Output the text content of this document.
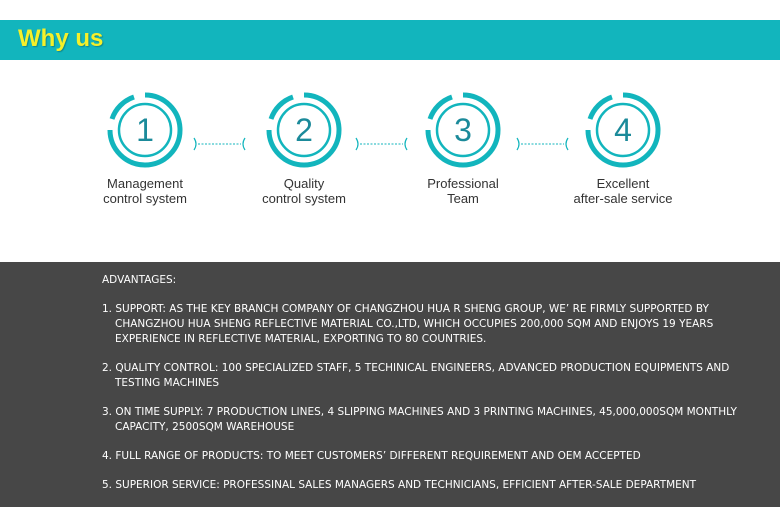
Why us
1
Management
control system
2
Quality
control system
3
Professional
Team
4
Excellent
after-sale service
ADVANTAGES:
1. SUPPORT: AS THE KEY BRANCH COMPANY OF CHANGZHOU HUA R SHENG GROUP, WE’ RE FIRMLY SUPPORTED BY CHANGZHOU HUA SHENG REFLECTIVE MATERIAL CO.,LTD, WHICH OCCUPIES 200,000 SQM AND ENJOYS 19 YEARS EXPERIENCE IN REFLECTIVE MATERIAL, EXPORTING TO 80 COUNTRIES.
2. QUALITY CONTROL: 100 SPECIALIZED STAFF, 5 TECHINICAL ENGINEERS, ADVANCED PRODUCTION EQUIPMENTS AND TESTING MACHINES
3. ON TIME SUPPLY: 7 PRODUCTION LINES, 4 SLIPPING MACHINES AND 3 PRINTING MACHINES, 45,000,000SQM MONTHLY CAPACITY, 2500SQM WAREHOUSE
4. FULL RANGE OF PRODUCTS: TO MEET CUSTOMERS’ DIFFERENT REQUIREMENT AND OEM ACCEPTED
5. SUPERIOR SERVICE: PROFESSINAL SALES MANAGERS AND TECHNICIANS, EFFICIENT AFTER-SALE DEPARTMENT
